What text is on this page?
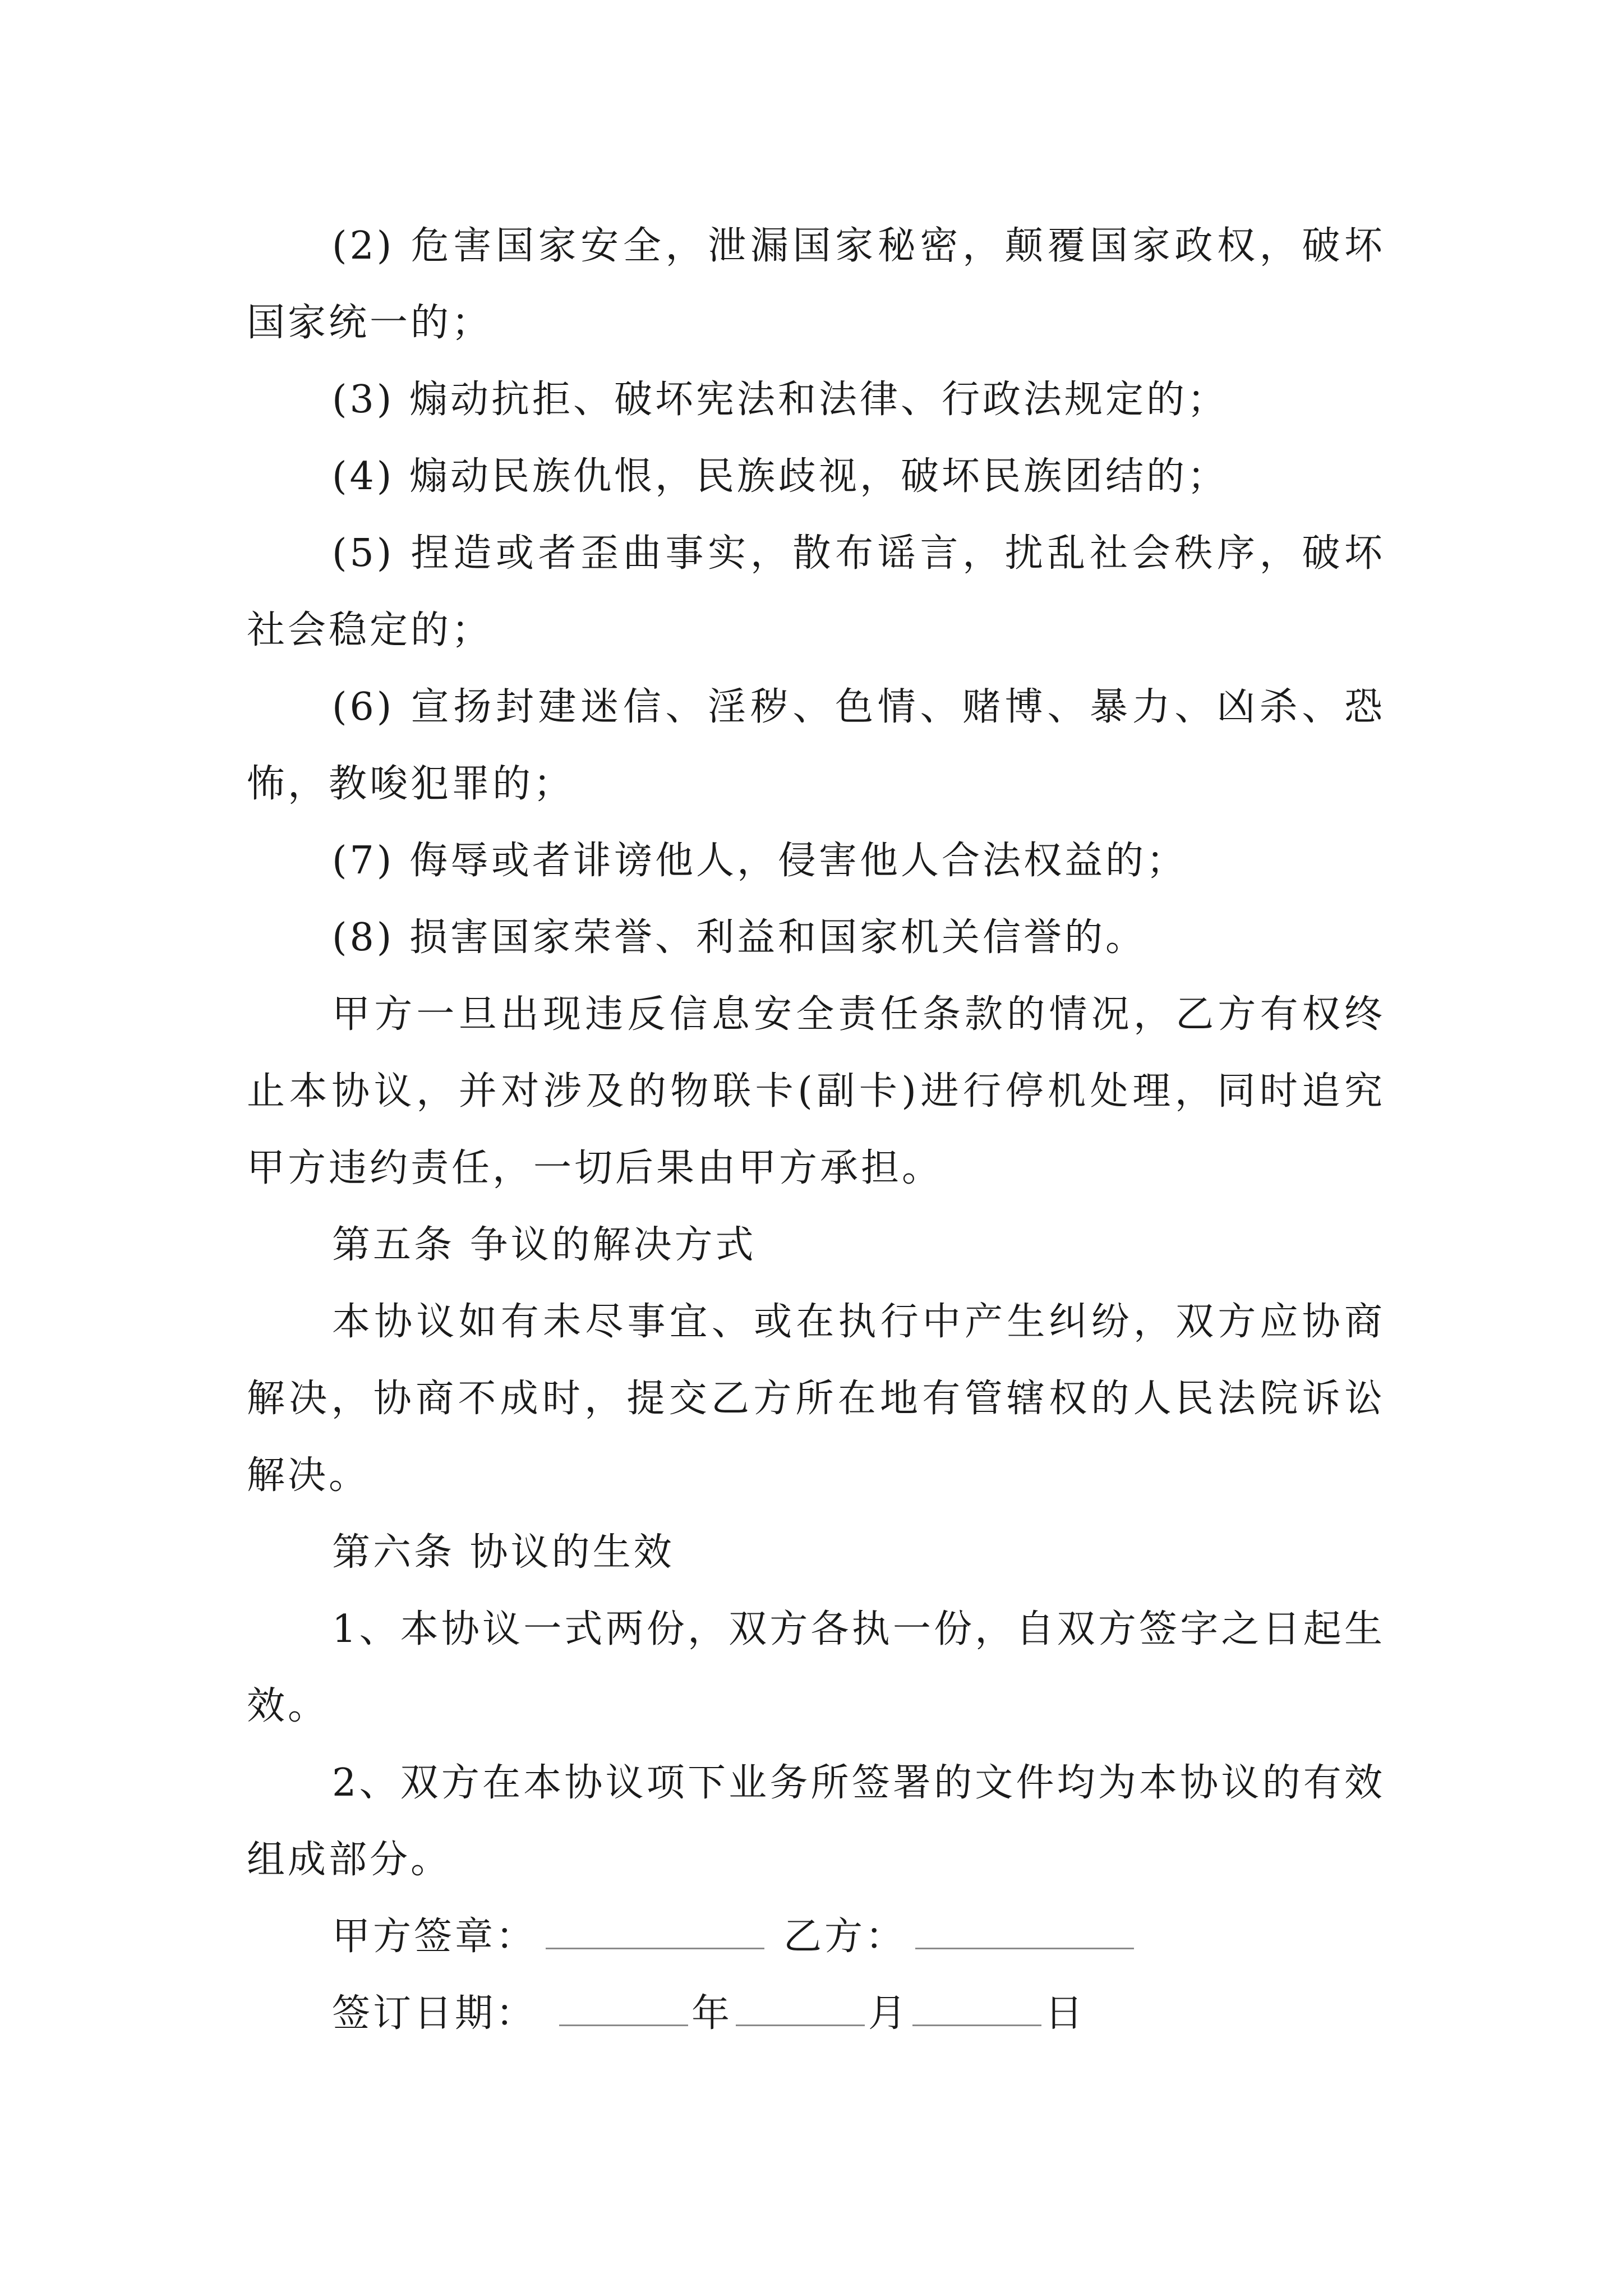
(2) 危害国家安全，泄漏国家秘密，颠覆国家政权，破坏国家统一的；

(3) 煽动抗拒、破坏宪法和法律、行政法规定的；

(4) 煽动民族仇恨，民族歧视，破坏民族团结的；

(5) 捏造或者歪曲事实，散布谣言，扰乱社会秩序，破坏社会稳定的；

(6) 宣扬封建迷信、淫秽、色情、赌博、暴力、凶杀、恐怖，教唆犯罪的；

(7) 侮辱或者诽谤他人，侵害他人合法权益的；

(8) 损害国家荣誉、利益和国家机关信誉的。

甲方一旦出现违反信息安全责任条款的情况，乙方有权终止本协议，并对涉及的物联卡(副卡)进行停机处理，同时追究甲方违约责任，一切后果由甲方承担。

第五条 争议的解决方式

本协议如有未尽事宜、或在执行中产生纠纷，双方应协商解决，协商不成时，提交乙方所在地有管辖权的人民法院诉讼解决。

第六条 协议的生效

1、本协议一式两份，双方各执一份，自双方签字之日起生效。

2、双方在本协议项下业务所签署的文件均为本协议的有效组成部分。

甲方签章：	乙方：

签订日期：	年	月	日
